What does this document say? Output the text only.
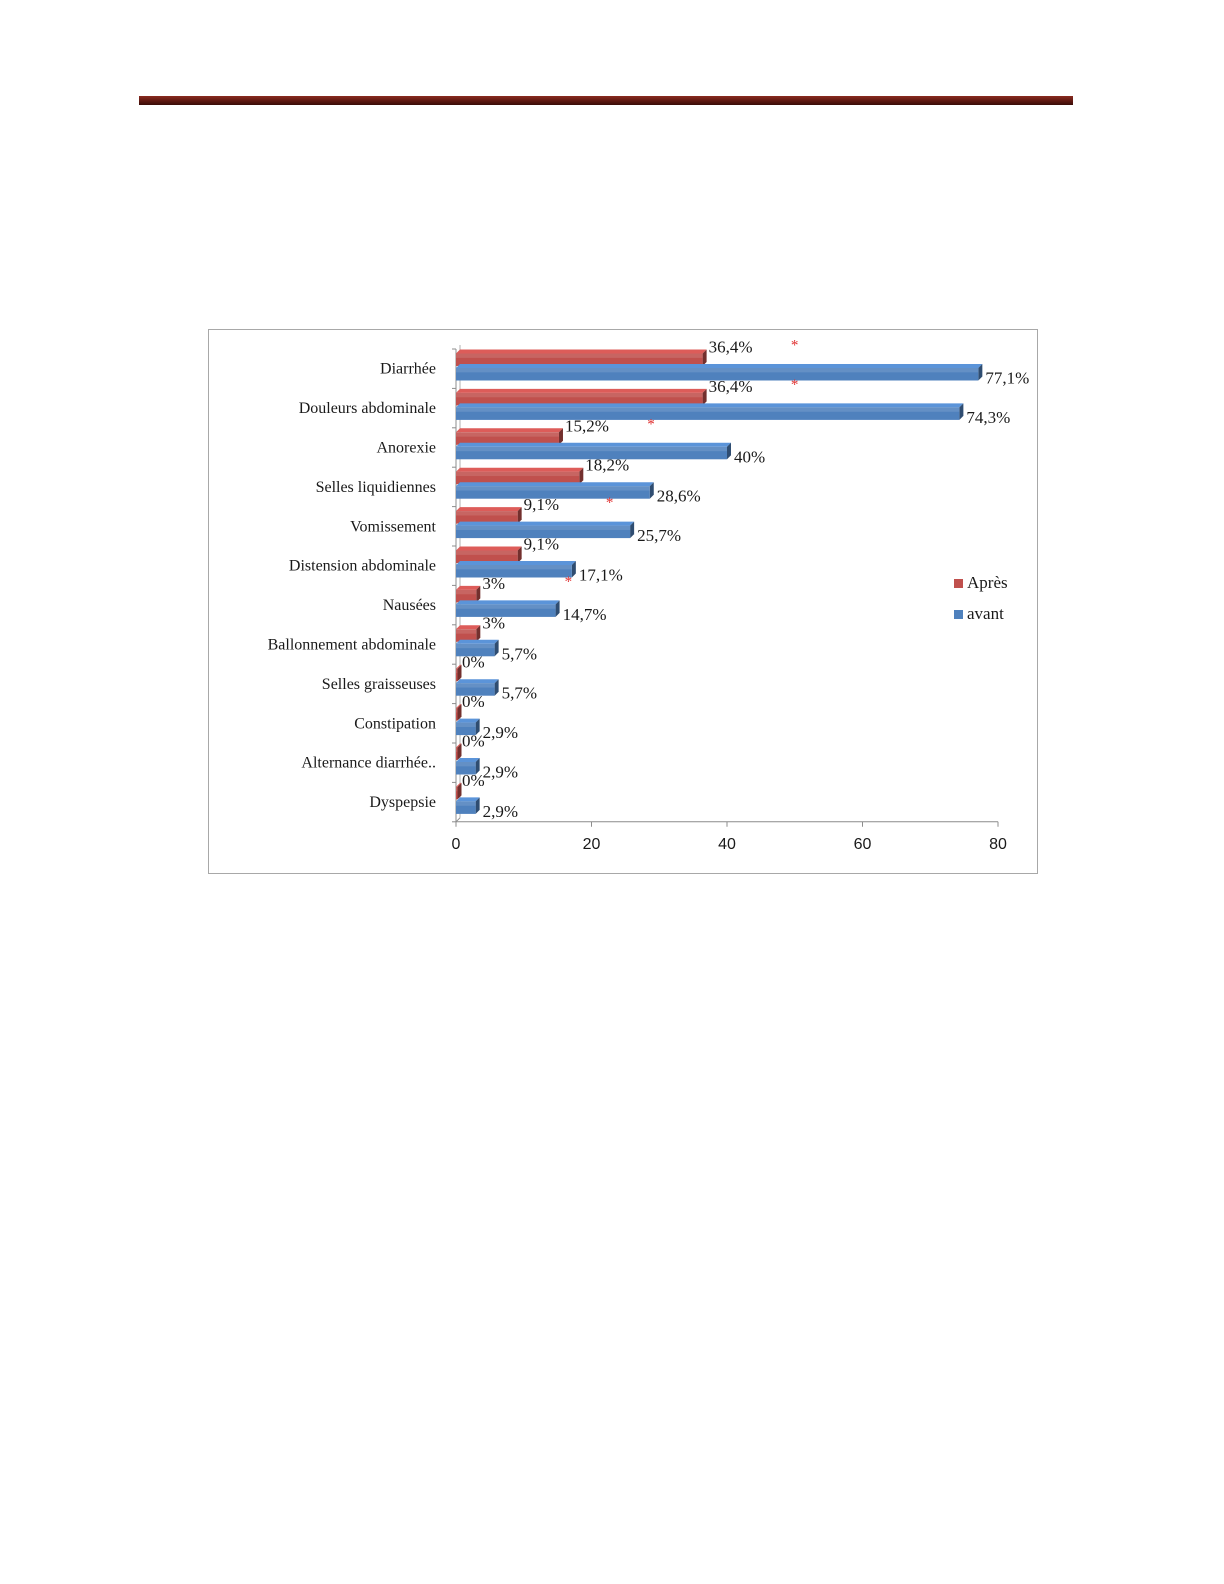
0	20	40	60	80
Diarrhée
Douleurs abdominale
Anorexie
Selles liquidiennes
Vomissement
Distension abdominale
Nausées
Ballonnement abdominale
Selles graisseuses
Constipation
Alternance diarrhée..
Dyspepsie
36,4%
77,1%
*
36,4%
74,3%
*
15,2%
40%
*
18,2%
28,6%
9,1%
25,7%
*
9,1%
17,1%
3%
14,7%
*
3%
5,7%
0%
5,7%
0%
2,9%
0%
2,9%
0%
2,9%
Après
avant
